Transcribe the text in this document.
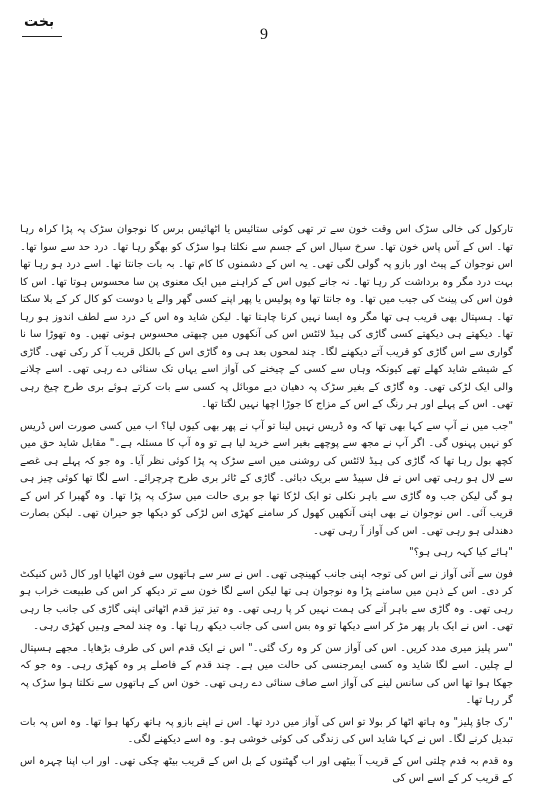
بخت
9

تارکول کی خالی سڑک اس وقت خون سے تر تھی کوئی ستائیس یا اٹھائیس برس کا نوجوان سڑک پہ پڑا کراہ رہا تھا۔ اس کے آس پاس خون تھا۔ سرخ سیال اس کے جسم سے نکلتا ہوا سڑک کو بھگو رہا تھا۔ درد حد سے سوا تھا۔ اس نوجوان کے پیٹ اور بازو پہ گولی لگی تھی۔ یہ اس کے دشمنوں کا کام تھا۔ بہ بات جانتا تھا۔ اسے درد ہو رہا تھا بہت درد مگر وہ برداشت کر رہا تھا۔ نہ جانے کیوں اس کے کراہنے میں ایک معنوی پن سا محسوس ہوتا تھا۔ اس کا فون اس کی پینٹ کی جیب میں تھا۔ وہ جانتا تھا وہ پولیس یا پھر اپنے کسی گھر والے یا دوست کو کال کر کے بلا سکتا تھا۔ ہسپتال بھی قریب ہی تھا مگر وہ ایسا نہیں کرنا چاہتا تھا۔ لیکن شاید وہ اس کے درد سے لطف اندوز ہو رہا تھا۔ دیکھتے ہی دیکھتے کسی گاڑی کی ہیڈ لائٹس اس کی آنکھوں میں چبھتی محسوس ہوتی تھیں۔ وہ تھوڑا سا نا گواری سے اس گاڑی کو قریب آتے دیکھنے لگا۔ چند لمحوں بعد ہی وہ گاڑی اس کے بالکل قریب آ کر رکی تھی۔ گاڑی کے شیشے شاید کھلے تھے کیونکہ وہاں سے کسی کے چیخنے کی آواز اسے یہاں تک سنائی دے رہی تھی۔ اسے چلانے والی ایک لڑکی تھی۔ وہ گاڑی کے بغیر سڑک پہ دھیان دیے موبائل پہ کسی سے بات کرتے ہوئے بری طرح چیخ رہی تھی۔ اس کے پہلے اور ہر رنگ کے اس کے مزاج کا جوڑا اچھا نہیں لگتا تھا۔

"جب میں نے آپ سے کہا بھی تھا کہ وہ ڈریس نہیں لینا تو آپ نے پھر بھی کیوں لیا؟ اب میں کسی صورت اس ڈریس کو نہیں پہنوں گی۔ اگر آپ نے مجھ سے پوچھے بغیر اسے خرید لیا ہے تو وہ آپ کا مسئلہ ہے۔" مقابل شاید حق میں کچھ بول رہا تھا کہ گاڑی کی ہیڈ لائٹس کی روشنی میں اسے سڑک پہ پڑا کوئی نظر آیا۔ وہ جو کہ پہلے ہی غصے سے لال ہو رہی تھی اس نے فل سپیڈ سے بریک دبائی۔ گاڑی کے ٹائر بری طرح چرچرائے۔ اسے لگا تھا کوئی چیز ہی ہو گی لیکن جب وہ گاڑی سے باہر نکلی تو ایک لڑکا تھا جو بری حالت میں سڑک پہ پڑا تھا۔ وہ گھبرا کر اس کے قریب آئی۔ اس نوجوان نے بھی اپنی آنکھیں کھول کر سامنے کھڑی اس لڑکی کو دیکھا جو حیران تھی۔ لیکن بصارت دھندلی ہو رہی تھی۔ اس کی آواز آ رہی تھی۔

"ہائے کیا کہہ رہی ہو؟"

فون سے آتی آواز نے اس کی توجہ اپنی جانب کھینچی تھی۔ اس نے سر سے ہاتھوں سے فون اٹھایا اور کال ڈس کنیکٹ کر دی۔ اس کے ذہن میں سامنے پڑا وہ نوجوان ہی تھا لیکن اسے لگا خون سے تر دیکھ کر اس کی طبیعت خراب ہو رہی تھی۔ وہ گاڑی سے باہر آنے کی ہمت نہیں کر پا رہی تھی۔ وہ تیز تیز قدم اٹھاتی اپنی گاڑی کی جانب جا رہی تھی۔ اس نے ایک بار پھر مڑ کر اسے دیکھا تو وہ بس اسی کی جانب دیکھ رہا تھا۔ وہ چند لمحے وہیں کھڑی رہی۔

"سر پلیز میری مدد کریں۔ اس کی آواز سن کر وہ رک گئی۔" اس نے ایک قدم اس کی طرف بڑھایا۔ مجھے ہسپتال لے چلیں۔ اسے لگا شاید وہ کسی ایمرجنسی کی حالت میں ہے۔ چند قدم کے فاصلے پر وہ کھڑی رہی۔ وہ جو کہ جھکا ہوا تھا اس کی سانس لینے کی آواز اسے صاف سنائی دے رہی تھی۔ خون اس کے ہاتھوں سے نکلتا ہوا سڑک پہ گر رہا تھا۔

"رک جاؤ پلیز" وہ ہاتھ اٹھا کر بولا تو اس کی آواز میں درد تھا۔ اس نے اپنے بازو پہ ہاتھ رکھا ہوا تھا۔ وہ اس پہ بات تبدیل کرنے لگا۔ اس نے کہا شاید اس کی زندگی کی کوئی خوشی ہو۔ وہ اسے دیکھنے لگی۔

وہ قدم بہ قدم چلتی اس کے قریب آ بیٹھی اور اب گھٹنوں کے بل اس کے قریب بیٹھ چکی تھی۔ اور اب اپنا چہرہ اس کے قریب کر کے اسے اس کی
